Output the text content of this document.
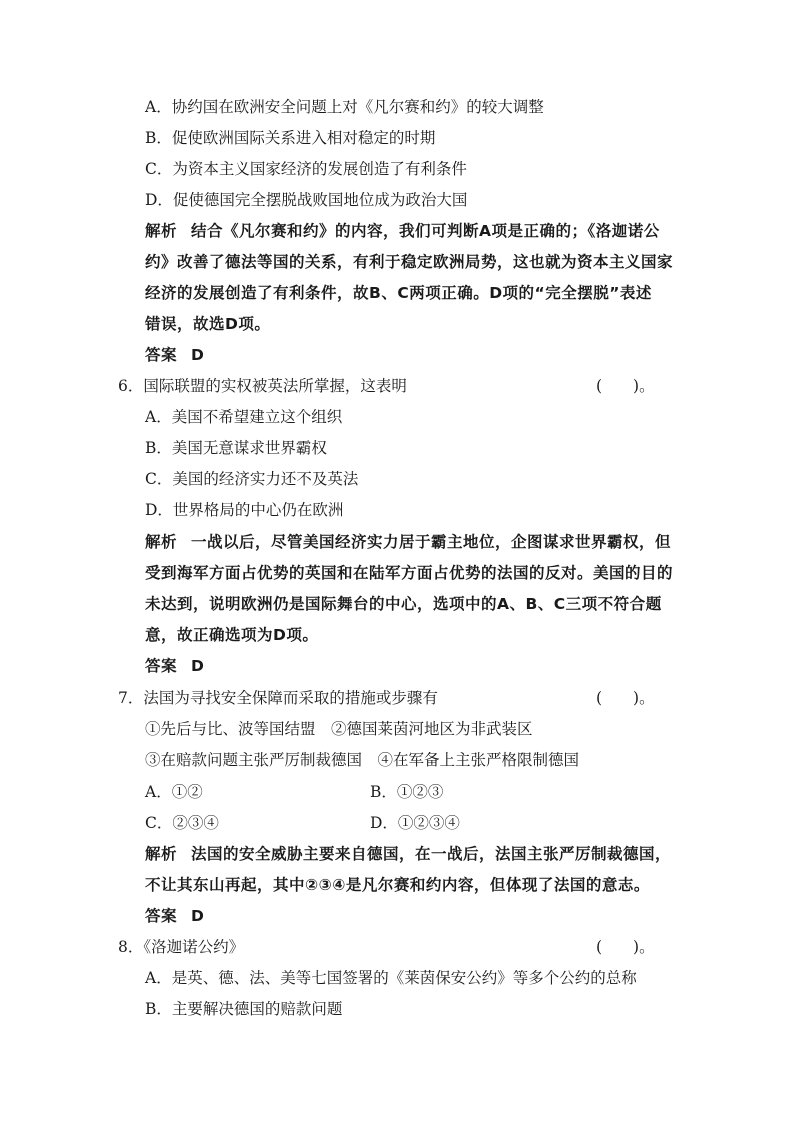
A．协约国在欧洲安全问题上对《凡尔赛和约》的较大调整
B．促使欧洲国际关系进入相对稳定的时期
C．为资本主义国家经济的发展创造了有利条件
D．促使德国完全摆脱战败国地位成为政治大国
解析 结合《凡尔赛和约》的内容，我们可判断A项是正确的；《洛迦诺公
约》改善了德法等国的关系，有利于稳定欧洲局势，这也就为资本主义国家
经济的发展创造了有利条件，故B、C两项正确。D项的“完全摆脱”表述
错误，故选D项。
答案 D
6．国际联盟的实权被英法所掌握，这表明	(　　)。
A．美国不希望建立这个组织
B．美国无意谋求世界霸权
C．美国的经济实力还不及英法
D．世界格局的中心仍在欧洲
解析 一战以后，尽管美国经济实力居于霸主地位，企图谋求世界霸权，但
受到海军方面占优势的英国和在陆军方面占优势的法国的反对。美国的目的
未达到，说明欧洲仍是国际舞台的中心，选项中的A、B、C三项不符合题
意，故正确选项为D项。
答案 D
7．法国为寻找安全保障而采取的措施或步骤有	(　　)。
①先后与比、波等国结盟　②德国莱茵河地区为非武装区
③在赔款问题主张严厉制裁德国　④在军备上主张严格限制德国
A．①②	B．①②③
C．②③④	D．①②③④
解析 法国的安全威胁主要来自德国，在一战后，法国主张严厉制裁德国，
不让其东山再起，其中②③④是凡尔赛和约内容，但体现了法国的意志。
答案 D
8．《洛迦诺公约》	(　　)。
A．是英、德、法、美等七国签署的《莱茵保安公约》等多个公约的总称
B．主要解决德国的赔款问题
